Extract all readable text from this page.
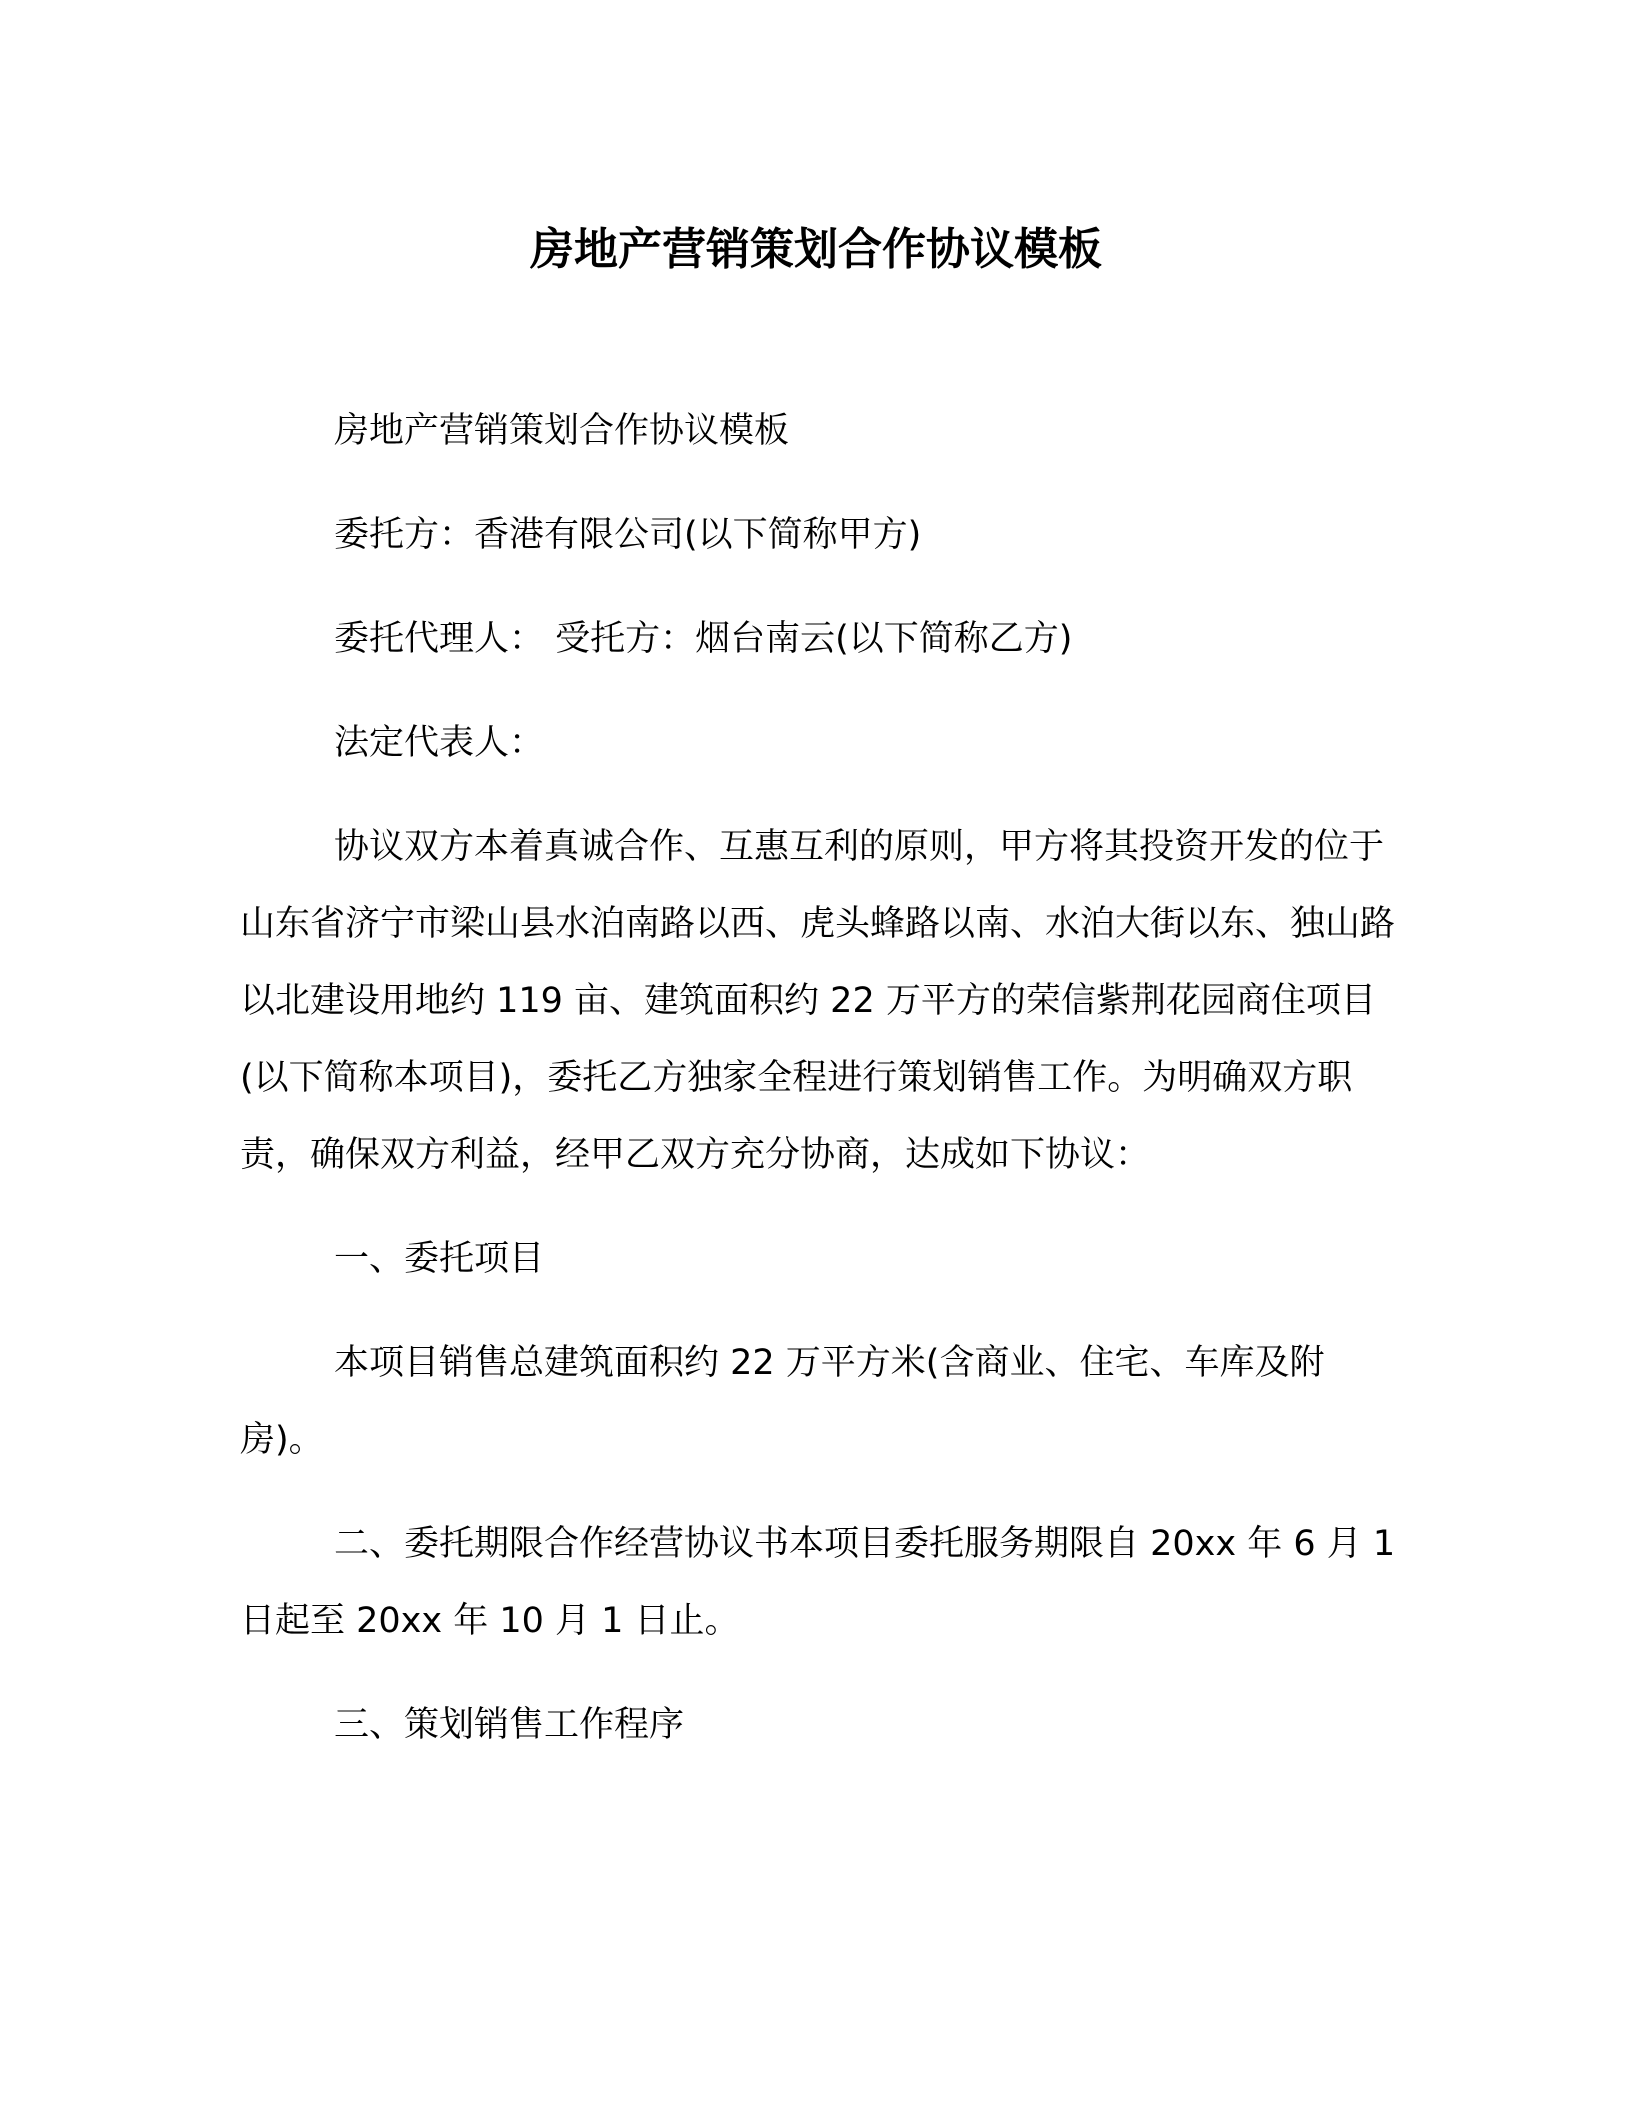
房地产营销策划合作协议模板

房地产营销策划合作协议模板

委托方：香港有限公司(以下简称甲方)

委托代理人： 受托方：烟台南云(以下简称乙方)

法定代表人：

协议双方本着真诚合作、互惠互利的原则，甲方将其投资开发的位于山东省济宁市梁山县水泊南路以西、虎头蜂路以南、水泊大街以东、独山路以北建设用地约 119 亩、建筑面积约 22 万平方的荣信紫荆花园商住项目(以下简称本项目)，委托乙方独家全程进行策划销售工作。为明确双方职责，确保双方利益，经甲乙双方充分协商，达成如下协议：

一、委托项目

本项目销售总建筑面积约 22 万平方米(含商业、住宅、车库及附房)。

二、委托期限合作经营协议书本项目委托服务期限自 20xx 年 6 月 1 日起至 20xx 年 10 月 1 日止。

三、策划销售工作程序
